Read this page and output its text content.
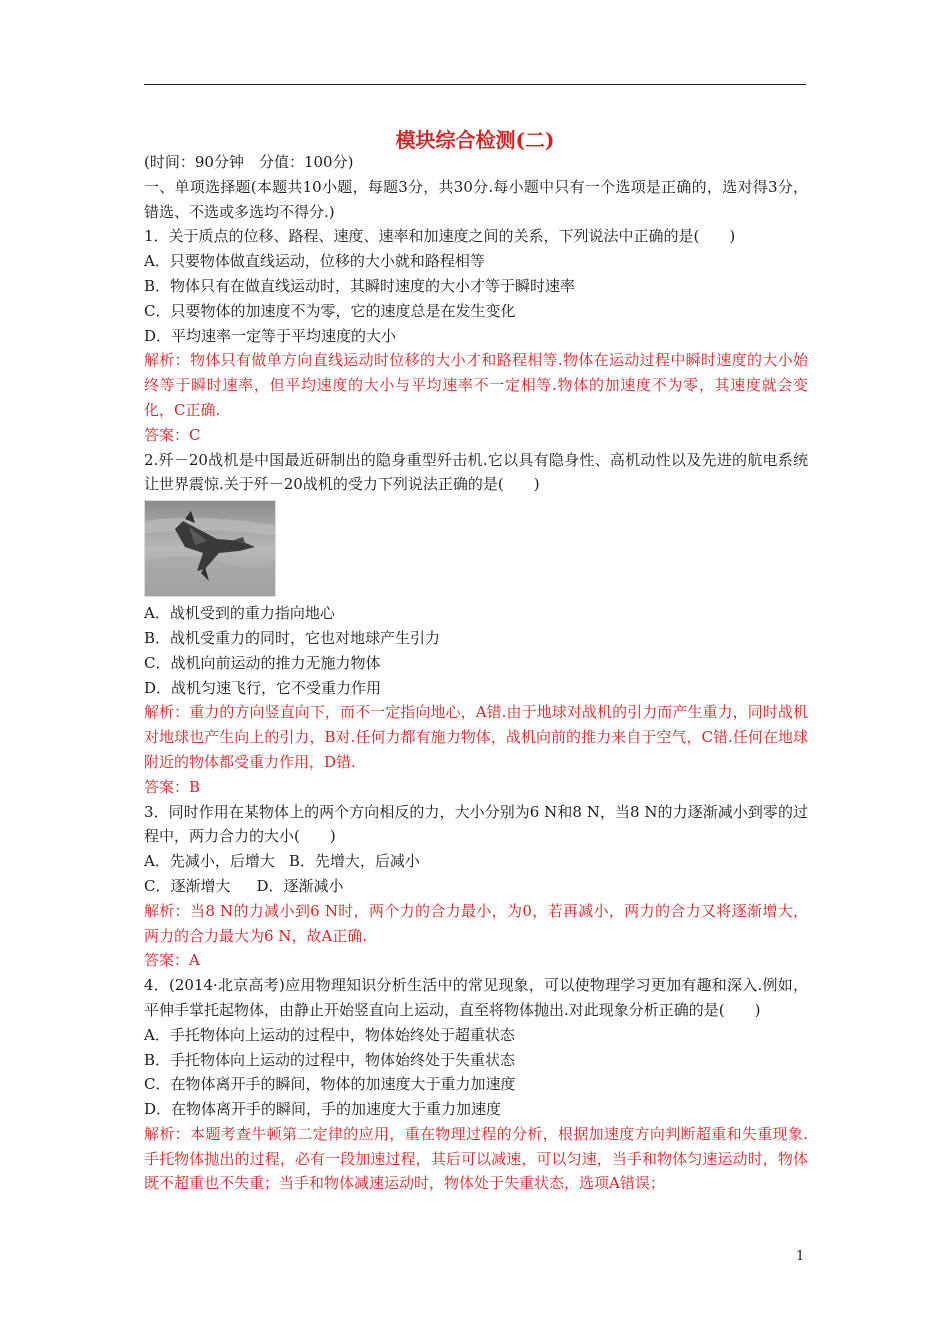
模块综合检测(二)

(时间：90分钟　分值：100分)

一、单项选择题(本题共10小题，每题3分，共30分.每小题中只有一个选项是正确的，选对得3分，错选、不选或多选均不得分.)

1．关于质点的位移、路程、速度、速率和加速度之间的关系，下列说法中正确的是(　　)

A．只要物体做直线运动，位移的大小就和路程相等

B．物体只有在做直线运动时，其瞬时速度的大小才等于瞬时速率

C．只要物体的加速度不为零，它的速度总是在发生变化

D．平均速率一定等于平均速度的大小

解析：物体只有做单方向直线运动时位移的大小才和路程相等.物体在运动过程中瞬时速度的大小始终等于瞬时速率，但平均速度的大小与平均速率不一定相等.物体的加速度不为零，其速度就会变化，C正确.

答案：C

2.歼－20战机是中国最近研制出的隐身重型歼击机.它以具有隐身性、高机动性以及先进的航电系统让世界震惊.关于歼－20战机的受力下列说法正确的是(　　)

A．战机受到的重力指向地心

B．战机受重力的同时，它也对地球产生引力

C．战机向前运动的推力无施力物体

D．战机匀速飞行，它不受重力作用

解析：重力的方向竖直向下，而不一定指向地心，A错.由于地球对战机的引力而产生重力，同时战机对地球也产生向上的引力，B对.任何力都有施力物体，战机向前的推力来自于空气，C错.任何在地球附近的物体都受重力作用，D错.

答案：B

3．同时作用在某物体上的两个方向相反的力，大小分别为6 N和8 N，当8 N的力逐渐减小到零的过程中，两力合力的大小(　　)

A．先减小，后增大 B．先增大，后减小

C．逐渐增大 D．逐渐减小

解析：当8 N的力减小到6 N时，两个力的合力最小，为0，若再减小，两力的合力又将逐渐增大，两力的合力最大为6 N，故A正确.

答案：A

4．(2014·北京高考)应用物理知识分析生活中的常见现象，可以使物理学习更加有趣和深入.例如，平伸手掌托起物体，由静止开始竖直向上运动，直至将物体抛出.对此现象分析正确的是(　　)

A．手托物体向上运动的过程中，物体始终处于超重状态

B．手托物体向上运动的过程中，物体始终处于失重状态

C．在物体离开手的瞬间，物体的加速度大于重力加速度

D．在物体离开手的瞬间，手的加速度大于重力加速度

解析：本题考查牛顿第二定律的应用，重在物理过程的分析，根据加速度方向判断超重和失重现象.手托物体抛出的过程，必有一段加速过程，其后可以减速，可以匀速，当手和物体匀速运动时，物体既不超重也不失重；当手和物体减速运动时，物体处于失重状态，选项A错误；

1
